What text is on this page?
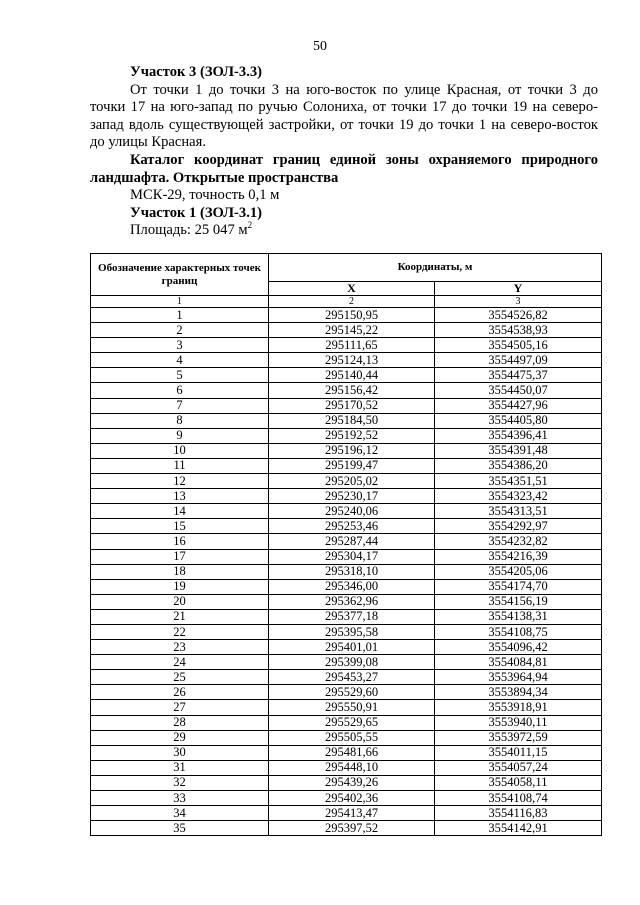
50

Участок 3 (ЗОЛ-3.3)

От точки 1 до точки 3 на юго-восток по улице Красная, от точки 3 до точки 17 на юго-запад по ручью Солониха, от точки 17 до точки 19 на северо-запад вдоль существующей застройки, от точки 19 до точки 1 на северо-восток до улицы Красная.

Каталог координат границ единой зоны охраняемого природного ландшафта. Открытые пространства

МСК-29, точность 0,1 м

Участок 1 (ЗОЛ-3.1)

Площадь: 25 047 $м^2$

Обозначение характерных точек границ	Координаты, м	
	X	Y
1	2	3
1	295150,95	3554526,82
2	295145,22	3554538,93
3	295111,65	3554505,16
4	295124,13	3554497,09
5	295140,44	3554475,37
6	295156,42	3554450,07
7	295170,52	3554427,96
8	295184,50	3554405,80
9	295192,52	3554396,41
10	295196,12	3554391,48
11	295199,47	3554386,20
12	295205,02	3554351,51
13	295230,17	3554323,42
14	295240,06	3554313,51
15	295253,46	3554292,97
16	295287,44	3554232,82
17	295304,17	3554216,39
18	295318,10	3554205,06
19	295346,00	3554174,70
20	295362,96	3554156,19
21	295377,18	3554138,31
22	295395,58	3554108,75
23	295401,01	3554096,42
24	295399,08	3554084,81
25	295453,27	3553964,94
26	295529,60	3553894,34
27	295550,91	3553918,91
28	295529,65	3553940,11
29	295505,55	3553972,59
30	295481,66	3554011,15
31	295448,10	3554057,24
32	295439,26	3554058,11
33	295402,36	3554108,74
34	295413,47	3554116,83
35	295397,52	3554142,91
